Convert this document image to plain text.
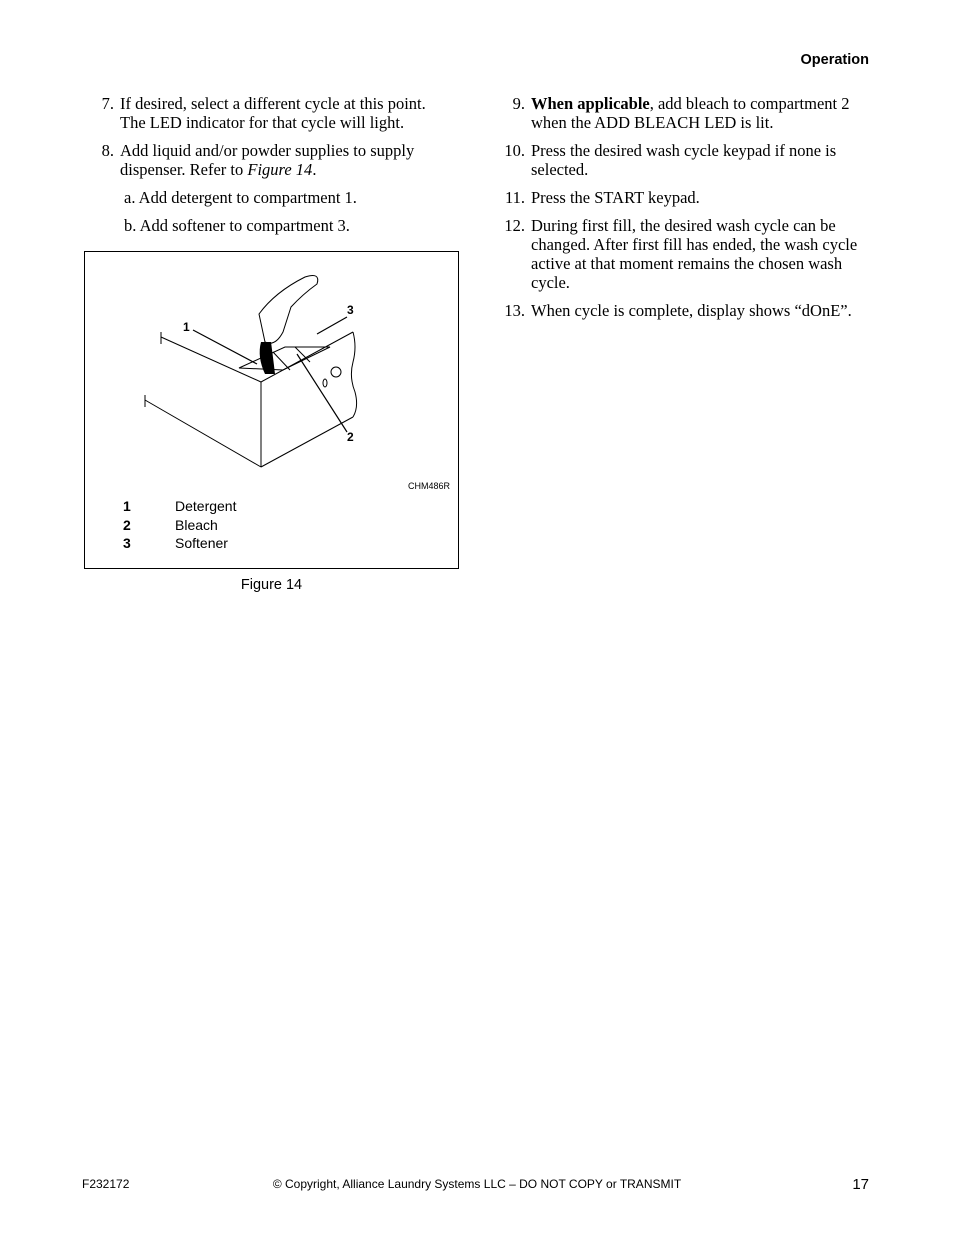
Operation
7. If desired, select a different cycle at this point. The LED indicator for that cycle will light.
8. Add liquid and/or powder supplies to supply dispenser. Refer to Figure 14.
a. Add detergent to compartment 1.
b. Add softener to compartment 3.
1
2
3
CHM486R
1	Detergent
2	Bleach
3	Softener
Figure 14
9. When applicable, add bleach to compartment 2 when the ADD BLEACH LED is lit.
10. Press the desired wash cycle keypad if none is selected.
11. Press the START keypad.
12. During first fill, the desired wash cycle can be changed. After first fill has ended, the wash cycle active at that moment remains the chosen wash cycle.
13. When cycle is complete, display shows “dOnE”.
F232172	© Copyright, Alliance Laundry Systems LLC – DO NOT COPY or TRANSMIT	17
